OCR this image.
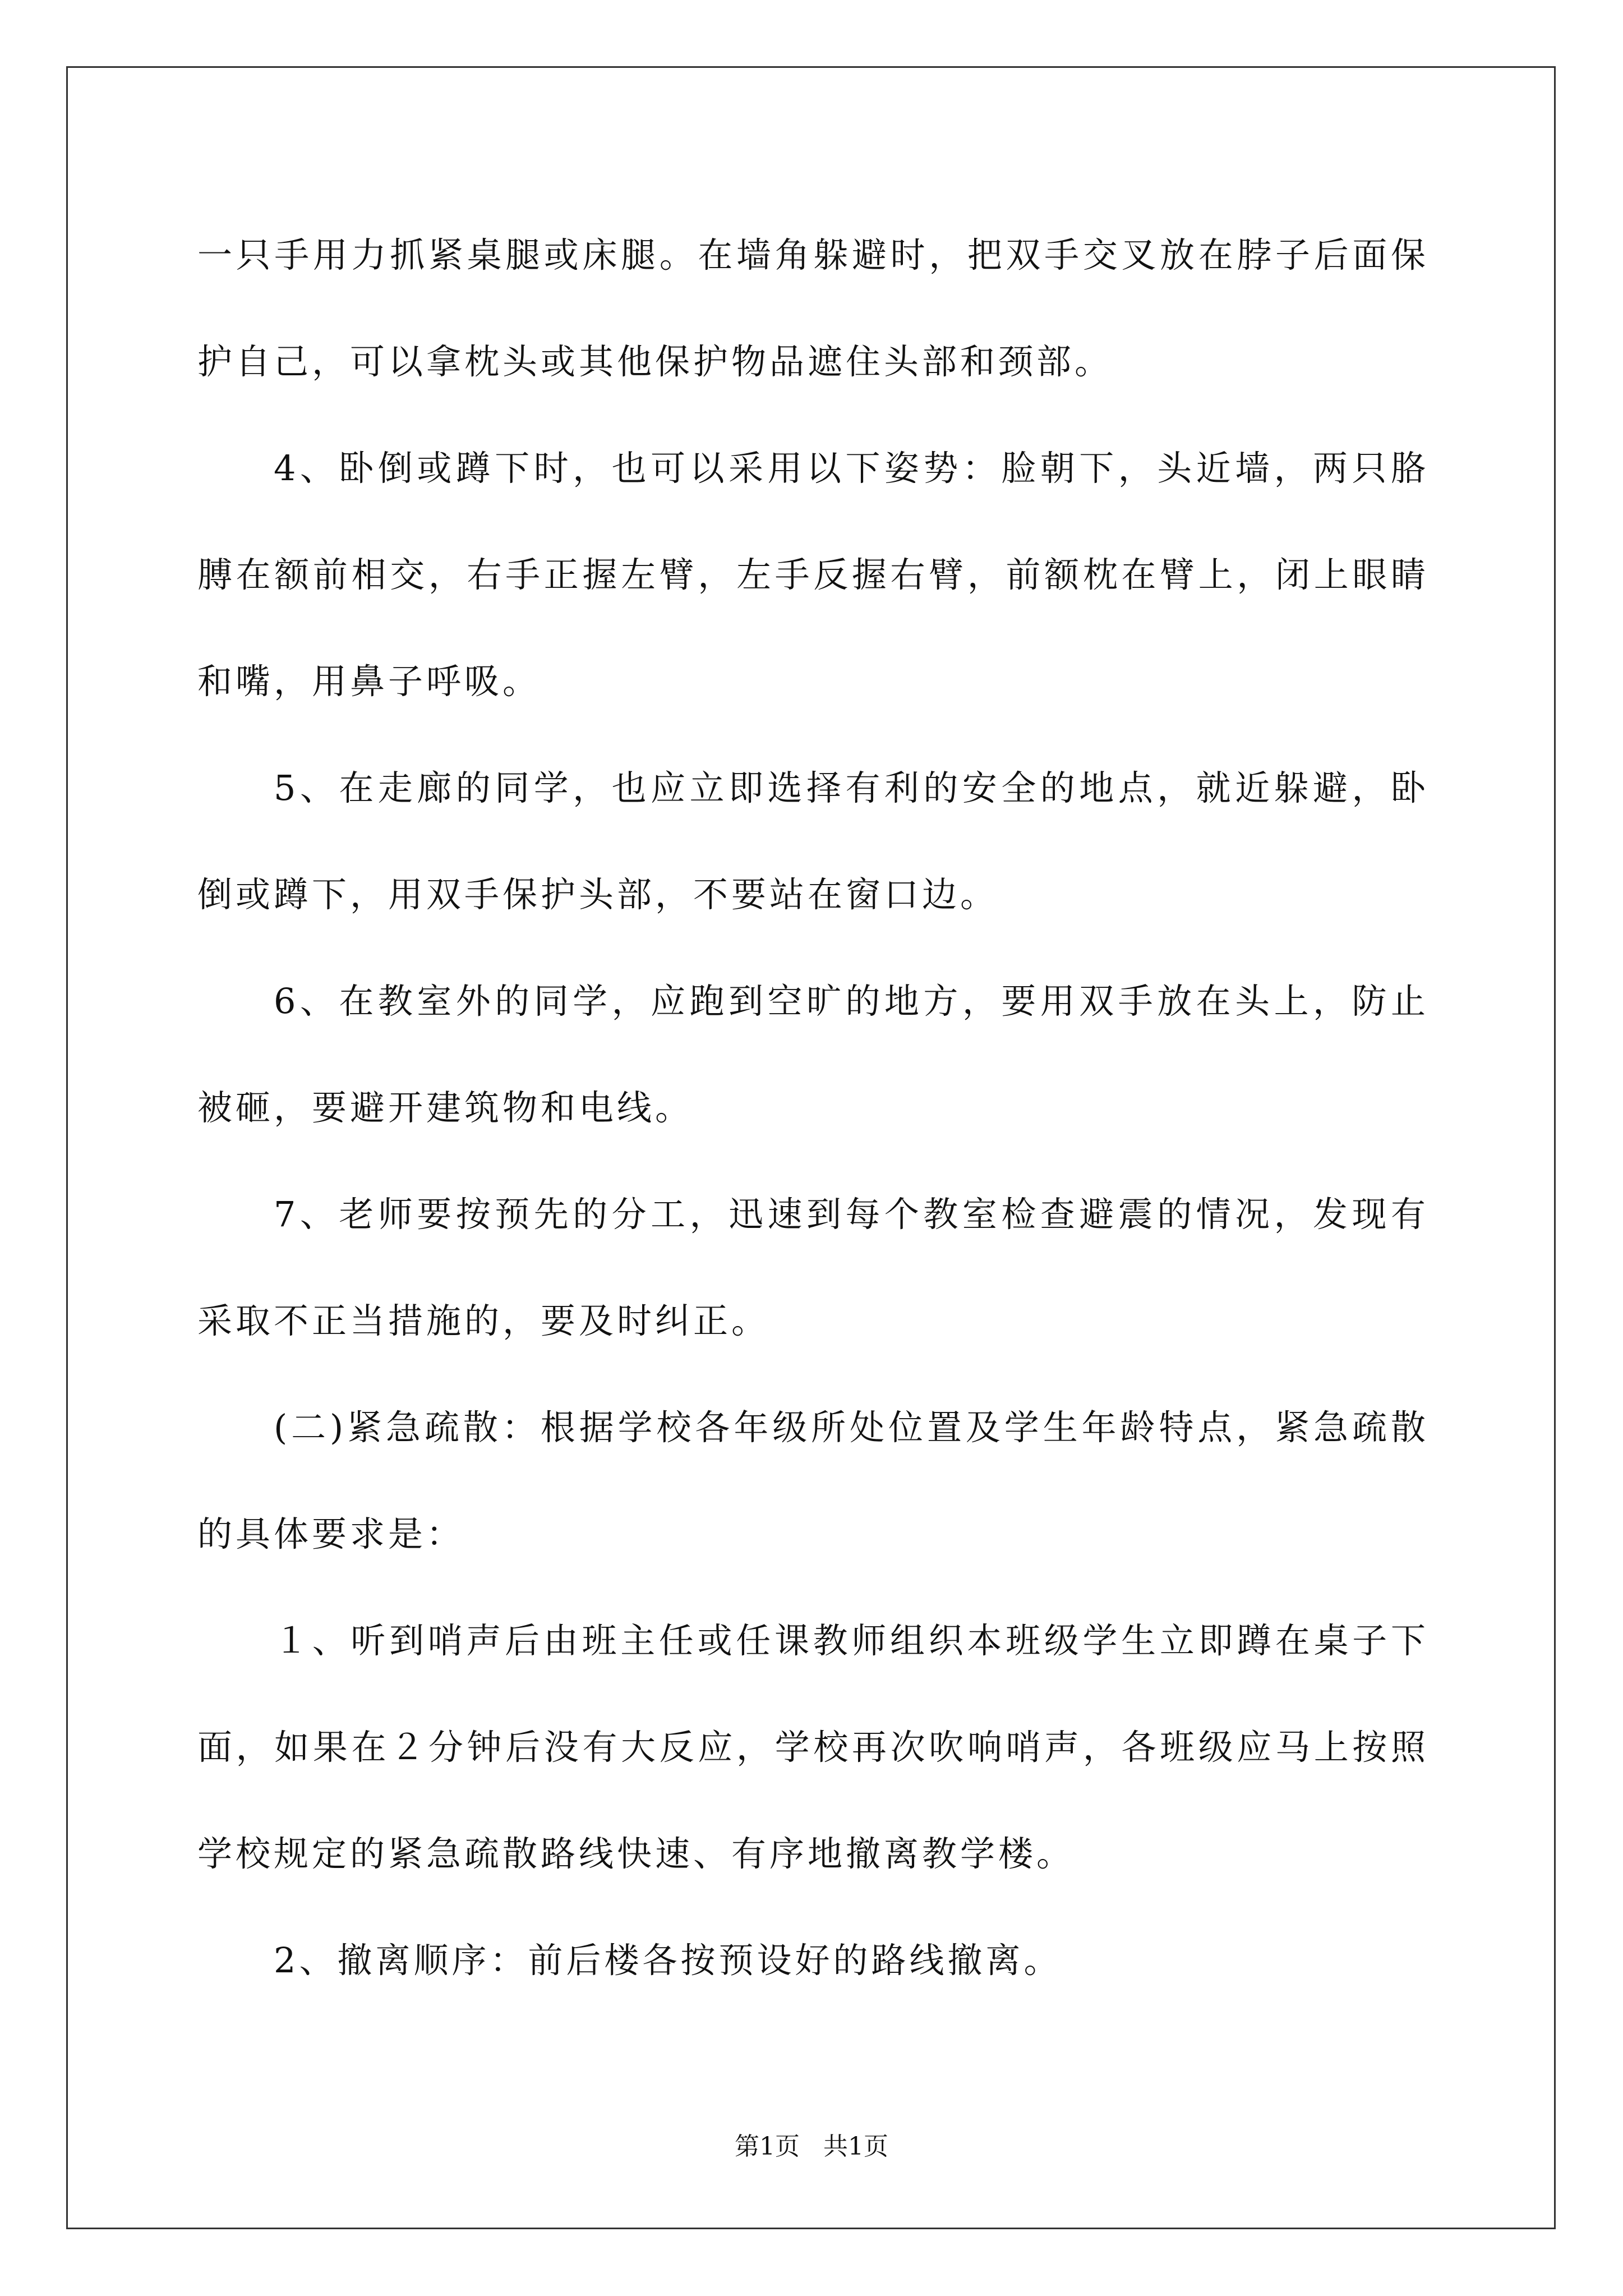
一只手用力抓紧桌腿或床腿。在墙角躲避时，把双手交叉放在脖子后面保护自己，可以拿枕头或其他保护物品遮住头部和颈部。

4、卧倒或蹲下时，也可以采用以下姿势：脸朝下，头近墙，两只胳膊在额前相交，右手正握左臂，左手反握右臂，前额枕在臂上，闭上眼睛和嘴，用鼻子呼吸。

5、在走廊的同学，也应立即选择有利的安全的地点，就近躲避，卧倒或蹲下，用双手保护头部，不要站在窗口边。

6、在教室外的同学，应跑到空旷的地方，要用双手放在头上，防止被砸，要避开建筑物和电线。

7、老师要按预先的分工，迅速到每个教室检查避震的情况，发现有采取不正当措施的，要及时纠正。

(二)紧急疏散：根据学校各年级所处位置及学生年龄特点，紧急疏散的具体要求是：

１、听到哨声后由班主任或任课教师组织本班级学生立即蹲在桌子下面，如果在２分钟后没有大反应，学校再次吹响哨声，各班级应马上按照学校规定的紧急疏散路线快速、有序地撤离教学楼。

2、撤离顺序：前后楼各按预设好的路线撤离。

第1页 共1页
